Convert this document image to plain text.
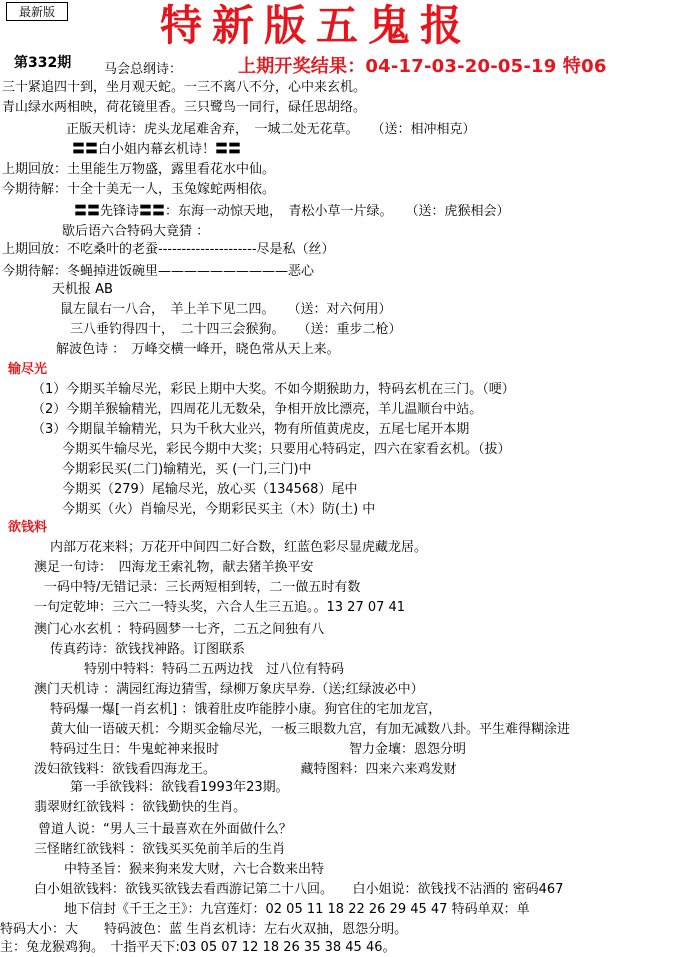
最新版	特新版五鬼报
第332期	上期开奖结果：04-17-03-20-05-19 特06
马会总纲诗：
三十紧追四十到，坐月观天蛇。一三不离八不分，心中来玄机。
青山绿水两相映，荷花镜里香。三只鹭鸟一同行，碌任思胡络。
正版天机诗：虎头龙尾难舍弃，　一城二处无花草。　　（送：相冲相克）
〓〓白小姐内幕玄机诗！〓〓
上期回放：土里能生万物盛，露里看花水中仙。
今期待解：十全十美无一人，玉兔嫁蛇两相依。
〓〓先锋诗〓〓：东海一动惊天地，　青松小草一片绿。　　（送：虎猴相会）
歇后语六合特码大竟猜 ：
上期回放：不吃桑叶的老蚕---------------------尽是私（丝）
今期待解：冬蝇掉进饭碗里——————————恶心
天机报 AB
鼠左鼠右一八合，　羊上羊下见二四。　　（送：对六何用）
三八垂钓得四十，　二十四三会猴狗。　　（送：重步二枪）
解波色诗 ：　万峰交横一峰开，晓色常从天上来。
输尽光
（1）今期买羊输尽光，彩民上期中大奖。不如今期猴助力，特码玄机在三门。（哽）
（2）今期羊猴输精光，四周花儿无数朵，争相开放比漂亮，羊儿温顺台中站。
（3）今期鼠羊输精光，只为千秋大业兴，物有所值黄虎皮，五尾七尾开本期
今期买牛输尽光，彩民今期中大奖；只要用心特码定，四六在家看玄机。（拔）
今期彩民买(二门)输精光，买 (一门,三门)中
今期买（279）尾输尽光，放心买（134568）尾中
今期买（火）肖输尽光，今期彩民买主（木）防(土) 中
欲钱料
内部万花来料；万花开中间四二好合数，红蓝色彩尽显虎藏龙居。
澳足一句诗：　四海龙王索礼物，献去猪羊换平安
一码中特/无错记录：三长两短相到转，二一做五时有数
一句定乾坤：三六二一特头奖，六合人生三五追。。13 27 07 41
澳门心水玄机 ：特码圆梦一七齐，二五之间独有八
传真药诗：欲钱找神路。订图联系
特别中特料：特码二五两边找　过八位有特码
澳门天机诗 ：满园红海边猜雪，绿柳万象庆早券.（送;红绿波必中）
特码爆一爆[一肖玄机] ：饿着肚皮咋能脖小康。狗官住的宅加龙宫，
黄大仙一语破天机：今期买金输尽光，一板三眼数九宫，有加无减数八卦。平生难得糊涂进
特码过生日：牛鬼蛇神来报时　　　　　　　　　　智力金壤：恩怨分明
泼妇欲钱料：欲钱看四海龙王。　　　　　　　藏特图料：四来六来鸡发财
第一手欲钱料：欲钱看1993年23期。
翡翠财红欲钱料 ：欲钱勤快的生肖。
曾道人说：“男人三十最喜欢在外面做什么？
三怪睹红欲钱料 ：欲钱买买免前羊后的生肖
中特圣旨：猴来狗来发大财，六七合数来出特
白小姐欲钱料：欲钱买欲钱去看西游记第二十八回。　　白小姐说：欲钱找不沾酒的 密码467
地下信封《千王之王》：九宫莲灯：02 05 11 18 22 26 29 45 47 特码单双：单
特码大小：大　　特码波色：蓝 生肖玄机诗：左右火双抽，恩怨分明。
主：兔龙猴鸡狗。　十指平天下:03 05 07 12 18 26 35 38 45 46。
